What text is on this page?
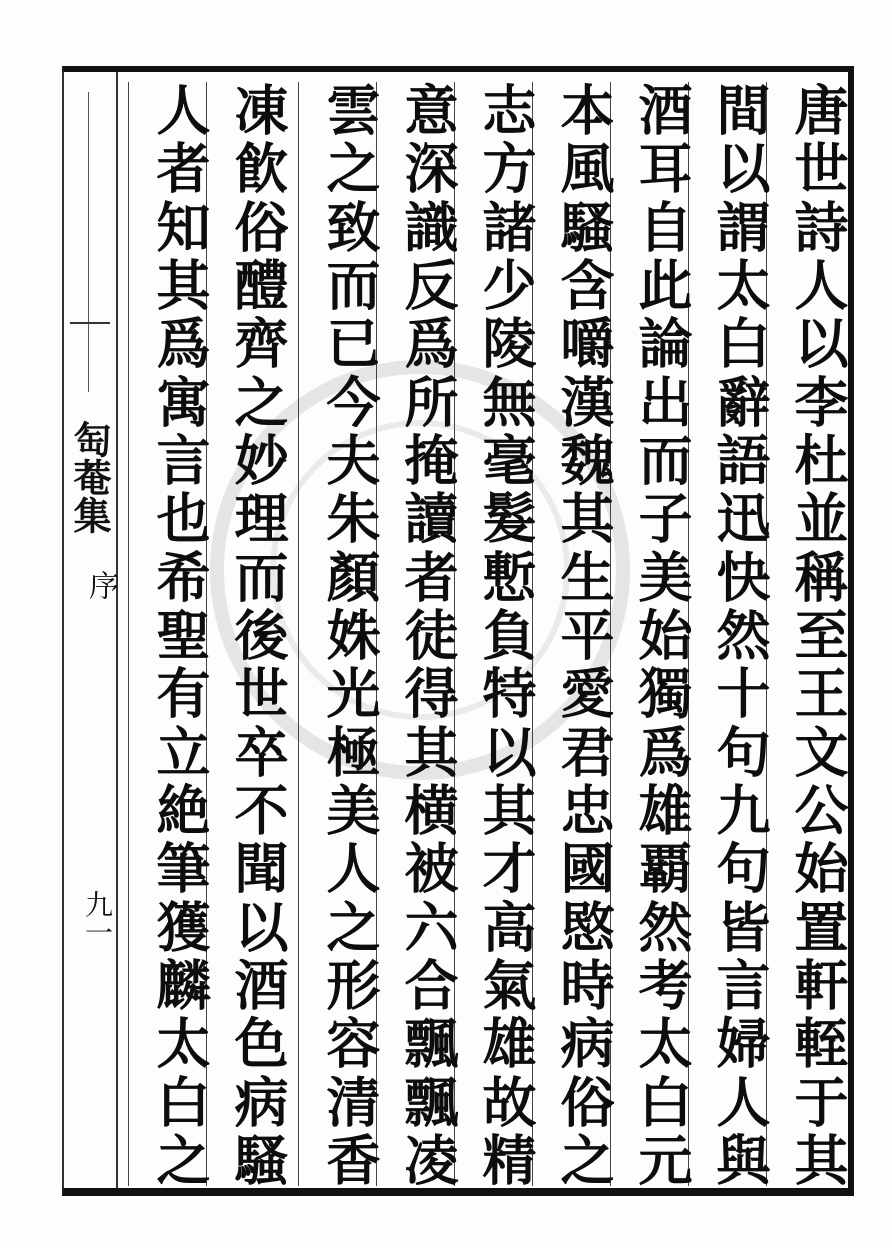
匋菴集
序
九一
唐
世
詩
人
以
李
杜
並
稱
至
王
文
公
始
置
軒
輊
于
其
間
以
謂
太
白
辭
語
迅
快
然
十
句
九
句
皆
言
婦
人
與
酒
耳
自
此
論
出
而
子
美
始
獨
爲
雄
覇
然
考
太
白
元
本
風
騷
含
嚼
漢
魏
其
生
平
愛
君
忠
國
愍
時
病
俗
之
志
方
諸
少
陵
無
毫
髮
慙
負
特
以
其
才
高
氣
雄
故
精
意
深
識
反
爲
所
掩
讀
者
徒
得
其
横
被
六
合
飄
飄
凌
雲
之
致
而
已
今
夫
朱
顏
姝
光
極
美
人
之
形
容
清
香
凍
飮
俗
醴
齊
之
妙
理
而
後
世
卒
不
聞
以
酒
色
病
騷
人
者
知
其
爲
寓
言
也
希
聖
有
立
絶
筆
獲
麟
太
白
之
